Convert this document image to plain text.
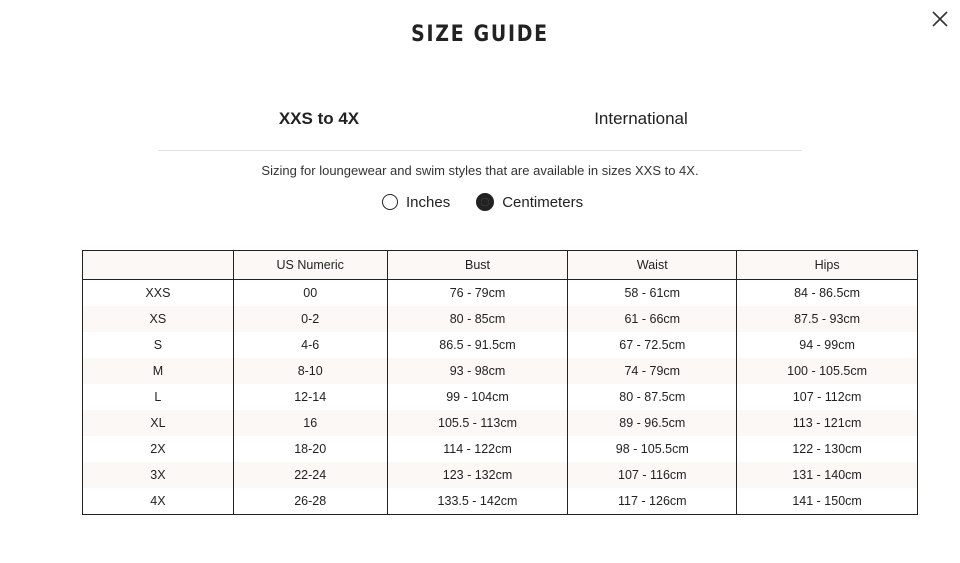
SIZE GUIDE
XXS to 4X	International
Sizing for loungewear and swim styles that are available in sizes XXS to 4X.
Inches	Centimeters
	US Numeric	Bust	Waist	Hips
XXS	00	76 - 79cm	58 - 61cm	84 - 86.5cm
XS	0-2	80 - 85cm	61 - 66cm	87.5 - 93cm
S	4-6	86.5 - 91.5cm	67 - 72.5cm	94 - 99cm
M	8-10	93 - 98cm	74 - 79cm	100 - 105.5cm
L	12-14	99 - 104cm	80 - 87.5cm	107 - 112cm
XL	16	105.5 - 113cm	89 - 96.5cm	113 - 121cm
2X	18-20	114 - 122cm	98 - 105.5cm	122 - 130cm
3X	22-24	123 - 132cm	107 - 116cm	131 - 140cm
4X	26-28	133.5 - 142cm	117 - 126cm	141 - 150cm
